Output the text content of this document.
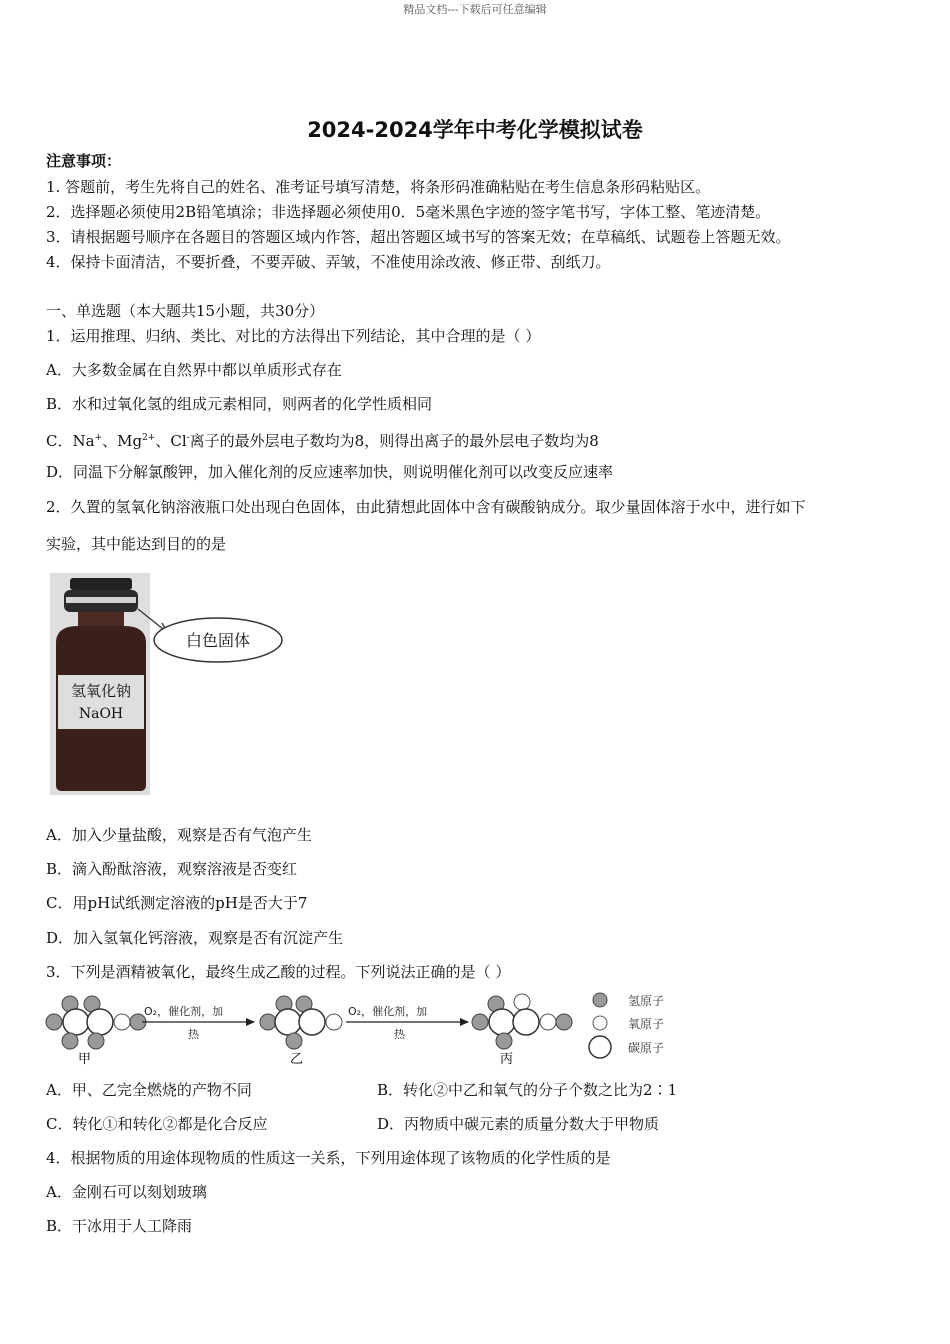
精品文档---下载后可任意编辑
2024-2024学年中考化学模拟试卷
注意事项：
1. 答题前，考生先将自己的姓名、准考证号填写清楚，将条形码准确粘贴在考生信息条形码粘贴区。
2．选择题必须使用2B铅笔填涂；非选择题必须使用0．5毫米黑色字迹的签字笔书写，字体工整、笔迹清楚。
3．请根据题号顺序在各题目的答题区域内作答，超出答题区域书写的答案无效；在草稿纸、试题卷上答题无效。
4．保持卡面清洁，不要折叠，不要弄破、弄皱，不准使用涂改液、修正带、刮纸刀。
一、单选题（本大题共15小题，共30分）
1．运用推理、归纳、类比、对比的方法得出下列结论，其中合理的是（ ）
A．大多数金属在自然界中都以单质形式存在
B．水和过氧化氢的组成元素相同，则两者的化学性质相同
C．Na+、$Mg^{2+}$、Cl-离子的最外层电子数均为8，则得出离子的最外层电子数均为8
D．同温下分解氯酸钾，加入催化剂的反应速率加快，则说明催化剂可以改变反应速率
2．久置的氢氧化钠溶液瓶口处出现白色固体，由此猜想此固体中含有碳酸钠成分。取少量固体溶于水中，进行如下
实验，其中能达到目的的是
氢氧化钠
NaOH
白色固体
A．加入少量盐酸，观察是否有气泡产生
B．滴入酚酞溶液，观察溶液是否变红
C．用pH试纸测定溶液的pH是否大于7
D．加入氢氧化钙溶液，观察是否有沉淀产生
3．下列是酒精被氧化，最终生成乙酸的过程。下列说法正确的是（ ）
甲
O₂，催化剂，加
热
乙
O₂，催化剂，加
热
丙
氢原子
氧原子
碳原子
A．甲、乙完全燃烧的产物不同	B．转化②中乙和氧气的分子个数之比为2∶1
C．转化①和转化②都是化合反应	D．丙物质中碳元素的质量分数大于甲物质
4．根据物质的用途体现物质的性质这一关系，下列用途体现了该物质的化学性质的是
A．金刚石可以刻划玻璃
B．干冰用于人工降雨
